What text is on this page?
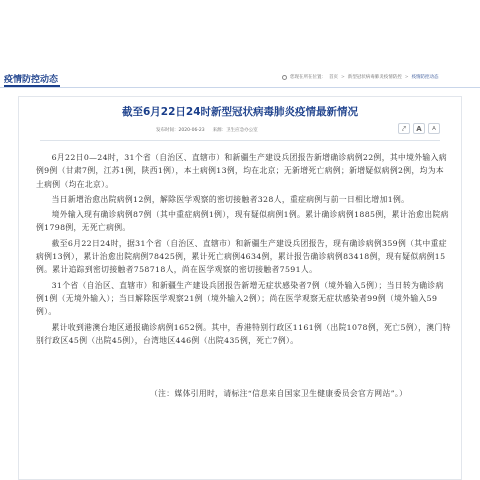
疫情防控动态	您现在所在位置： 首页 > 新型冠状病毒肺炎疫情防控 > 疫情防控动态
截至6月22日24时新型冠状病毒肺炎疫情最新情况
发布时间：2020-06-23 来源：卫生应急办公室	⤤	A	A

6月22日0—24时，31个省（自治区、直辖市）和新疆生产建设兵团报告新增确诊病例22例，其中境外输入病例9例（甘肃7例，江苏1例，陕西1例），本土病例13例，均在北京；无新增死亡病例；新增疑似病例2例，均为本土病例（均在北京）。

当日新增治愈出院病例12例，解除医学观察的密切接触者328人，重症病例与前一日相比增加1例。

境外输入现有确诊病例87例（其中重症病例1例），现有疑似病例1例。累计确诊病例1885例，累计治愈出院病例1798例，无死亡病例。

截至6月22日24时，据31个省（自治区、直辖市）和新疆生产建设兵团报告，现有确诊病例359例（其中重症病例13例），累计治愈出院病例78425例，累计死亡病例4634例，累计报告确诊病例83418例，现有疑似病例15例。累计追踪到密切接触者758718人，尚在医学观察的密切接触者7591人。

31个省（自治区、直辖市）和新疆生产建设兵团报告新增无症状感染者7例（境外输入5例）；当日转为确诊病例1例（无境外输入）；当日解除医学观察21例（境外输入2例）；尚在医学观察无症状感染者99例（境外输入59例）。

累计收到港澳台地区通报确诊病例1652例。其中，香港特别行政区1161例（出院1078例，死亡5例），澳门特别行政区45例（出院45例），台湾地区446例（出院435例，死亡7例）。

（注：媒体引用时，请标注“信息来自国家卫生健康委员会官方网站”。）
